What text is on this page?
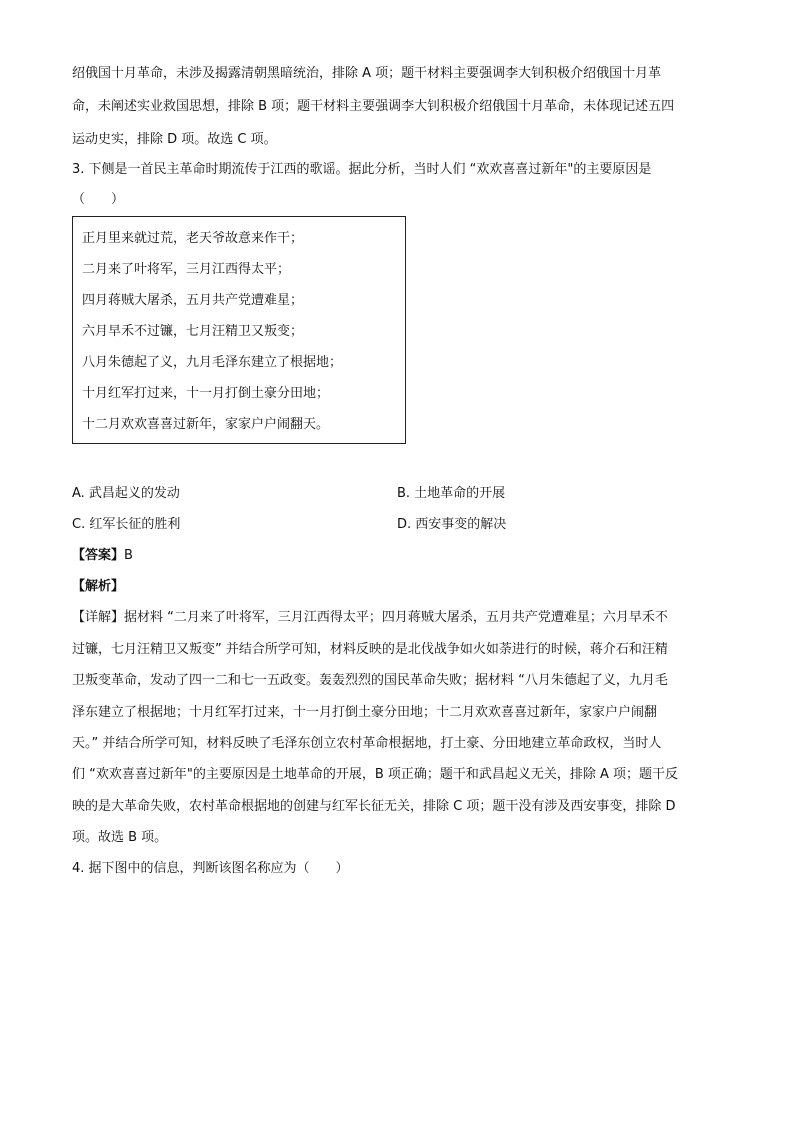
绍俄国十月革命，未涉及揭露清朝黑暗统治，排除 A 项；题干材料主要强调李大钊积极介绍俄国十月革
命，未阐述实业救国思想，排除 B 项；题干材料主要强调李大钊积极介绍俄国十月革命，未体现记述五四
运动史实，排除 D 项。故选 C 项。
3. 下侧是一首民主革命时期流传于江西的歌谣。据此分析，当时人们 “欢欢喜喜过新年"的主要原因是
（　　）
正月里来就过荒，老天爷故意来作干；
二月来了叶将军，三月江西得太平；
四月蒋贼大屠杀，五月共产党遭难星；
六月早禾不过镰，七月汪精卫又叛变；
八月朱德起了义，九月毛泽东建立了根据地；
十月红军打过来，十一月打倒土豪分田地；
十二月欢欢喜喜过新年，家家户户闹翻天。
A. 武昌起义的发动	B. 土地革命的开展
C. 红军长征的胜利	D. 西安事变的解决
【答案】B
【解析】
【详解】据材料 “二月来了叶将军，三月江西得太平；四月蒋贼大屠杀，五月共产党遭难星；六月早禾不
过镰，七月汪精卫又叛变” 并结合所学可知，材料反映的是北伐战争如火如荼进行的时候，蒋介石和汪精
卫叛变革命，发动了四一二和七一五政变。轰轰烈烈的国民革命失败；据材料 “八月朱德起了义，九月毛
泽东建立了根据地；十月红军打过来，十一月打倒土豪分田地；十二月欢欢喜喜过新年，家家户户闹翻
天。” 并结合所学可知，材料反映了毛泽东创立农村革命根据地，打土豪、分田地建立革命政权，当时人
们 “欢欢喜喜过新年"的主要原因是土地革命的开展，B 项正确；题干和武昌起义无关，排除 A 项；题干反
映的是大革命失败，农村革命根据地的创建与红军长征无关，排除 C 项；题干没有涉及西安事变，排除 D
项。故选 B 项。
4. 据下图中的信息，判断该图名称应为（　　）
